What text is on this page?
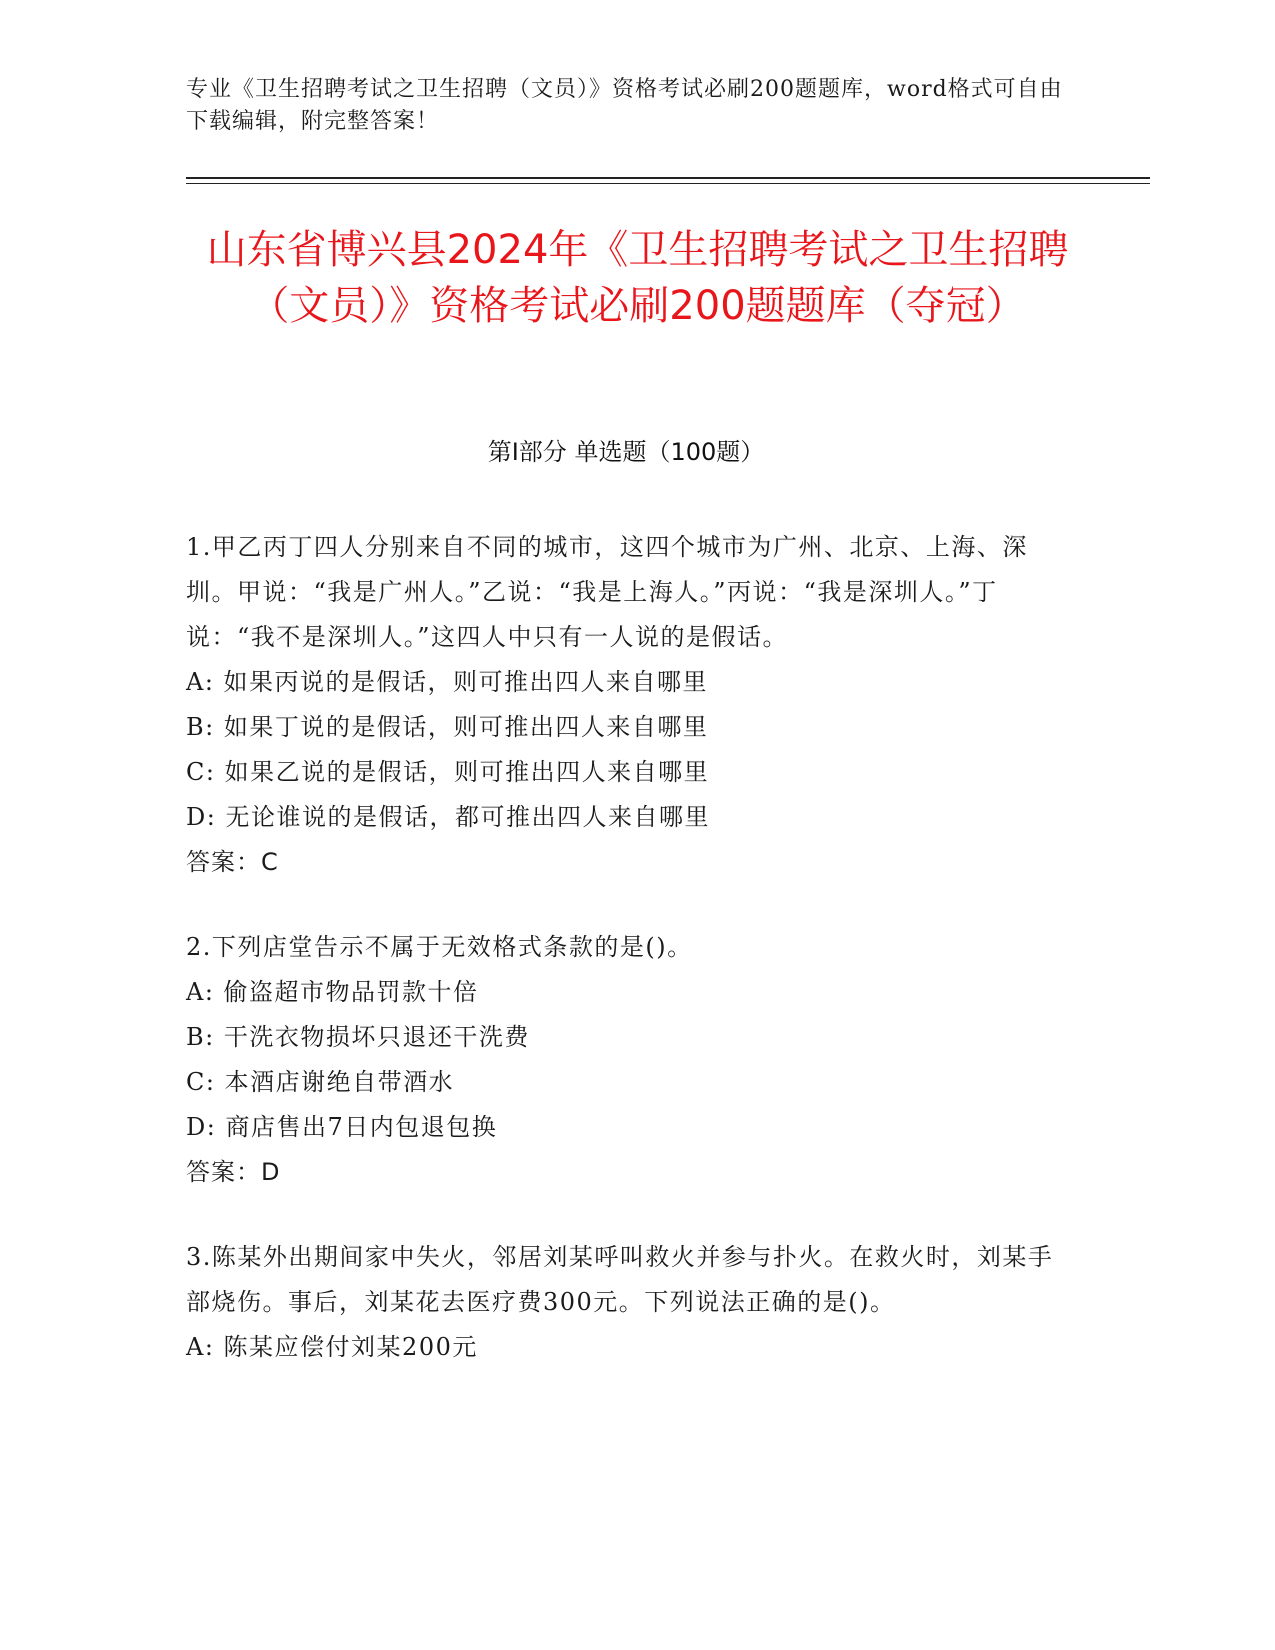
专业《卫生招聘考试之卫生招聘（文员）》资格考试必刷200题题库，word格式可自由下载编辑，附完整答案！
山东省博兴县2024年《卫生招聘考试之卫生招聘（文员）》资格考试必刷200题题库（夺冠）
第Ⅰ部分 单选题（100题）
1.甲乙丙丁四人分别来自不同的城市，这四个城市为广州、北京、上海、深圳。甲说：“我是广州人。”乙说：“我是上海人。”丙说：“我是深圳人。”丁说：“我不是深圳人。”这四人中只有一人说的是假话。
A: 如果丙说的是假话，则可推出四人来自哪里
B: 如果丁说的是假话，则可推出四人来自哪里
C: 如果乙说的是假话，则可推出四人来自哪里
D: 无论谁说的是假话，都可推出四人来自哪里
答案：C
2.下列店堂告示不属于无效格式条款的是()。
A: 偷盗超市物品罚款十倍
B: 干洗衣物损坏只退还干洗费
C: 本酒店谢绝自带酒水
D: 商店售出7日内包退包换
答案：D
3.陈某外出期间家中失火，邻居刘某呼叫救火并参与扑火。在救火时，刘某手部烧伤。事后，刘某花去医疗费300元。下列说法正确的是()。
A: 陈某应偿付刘某200元
